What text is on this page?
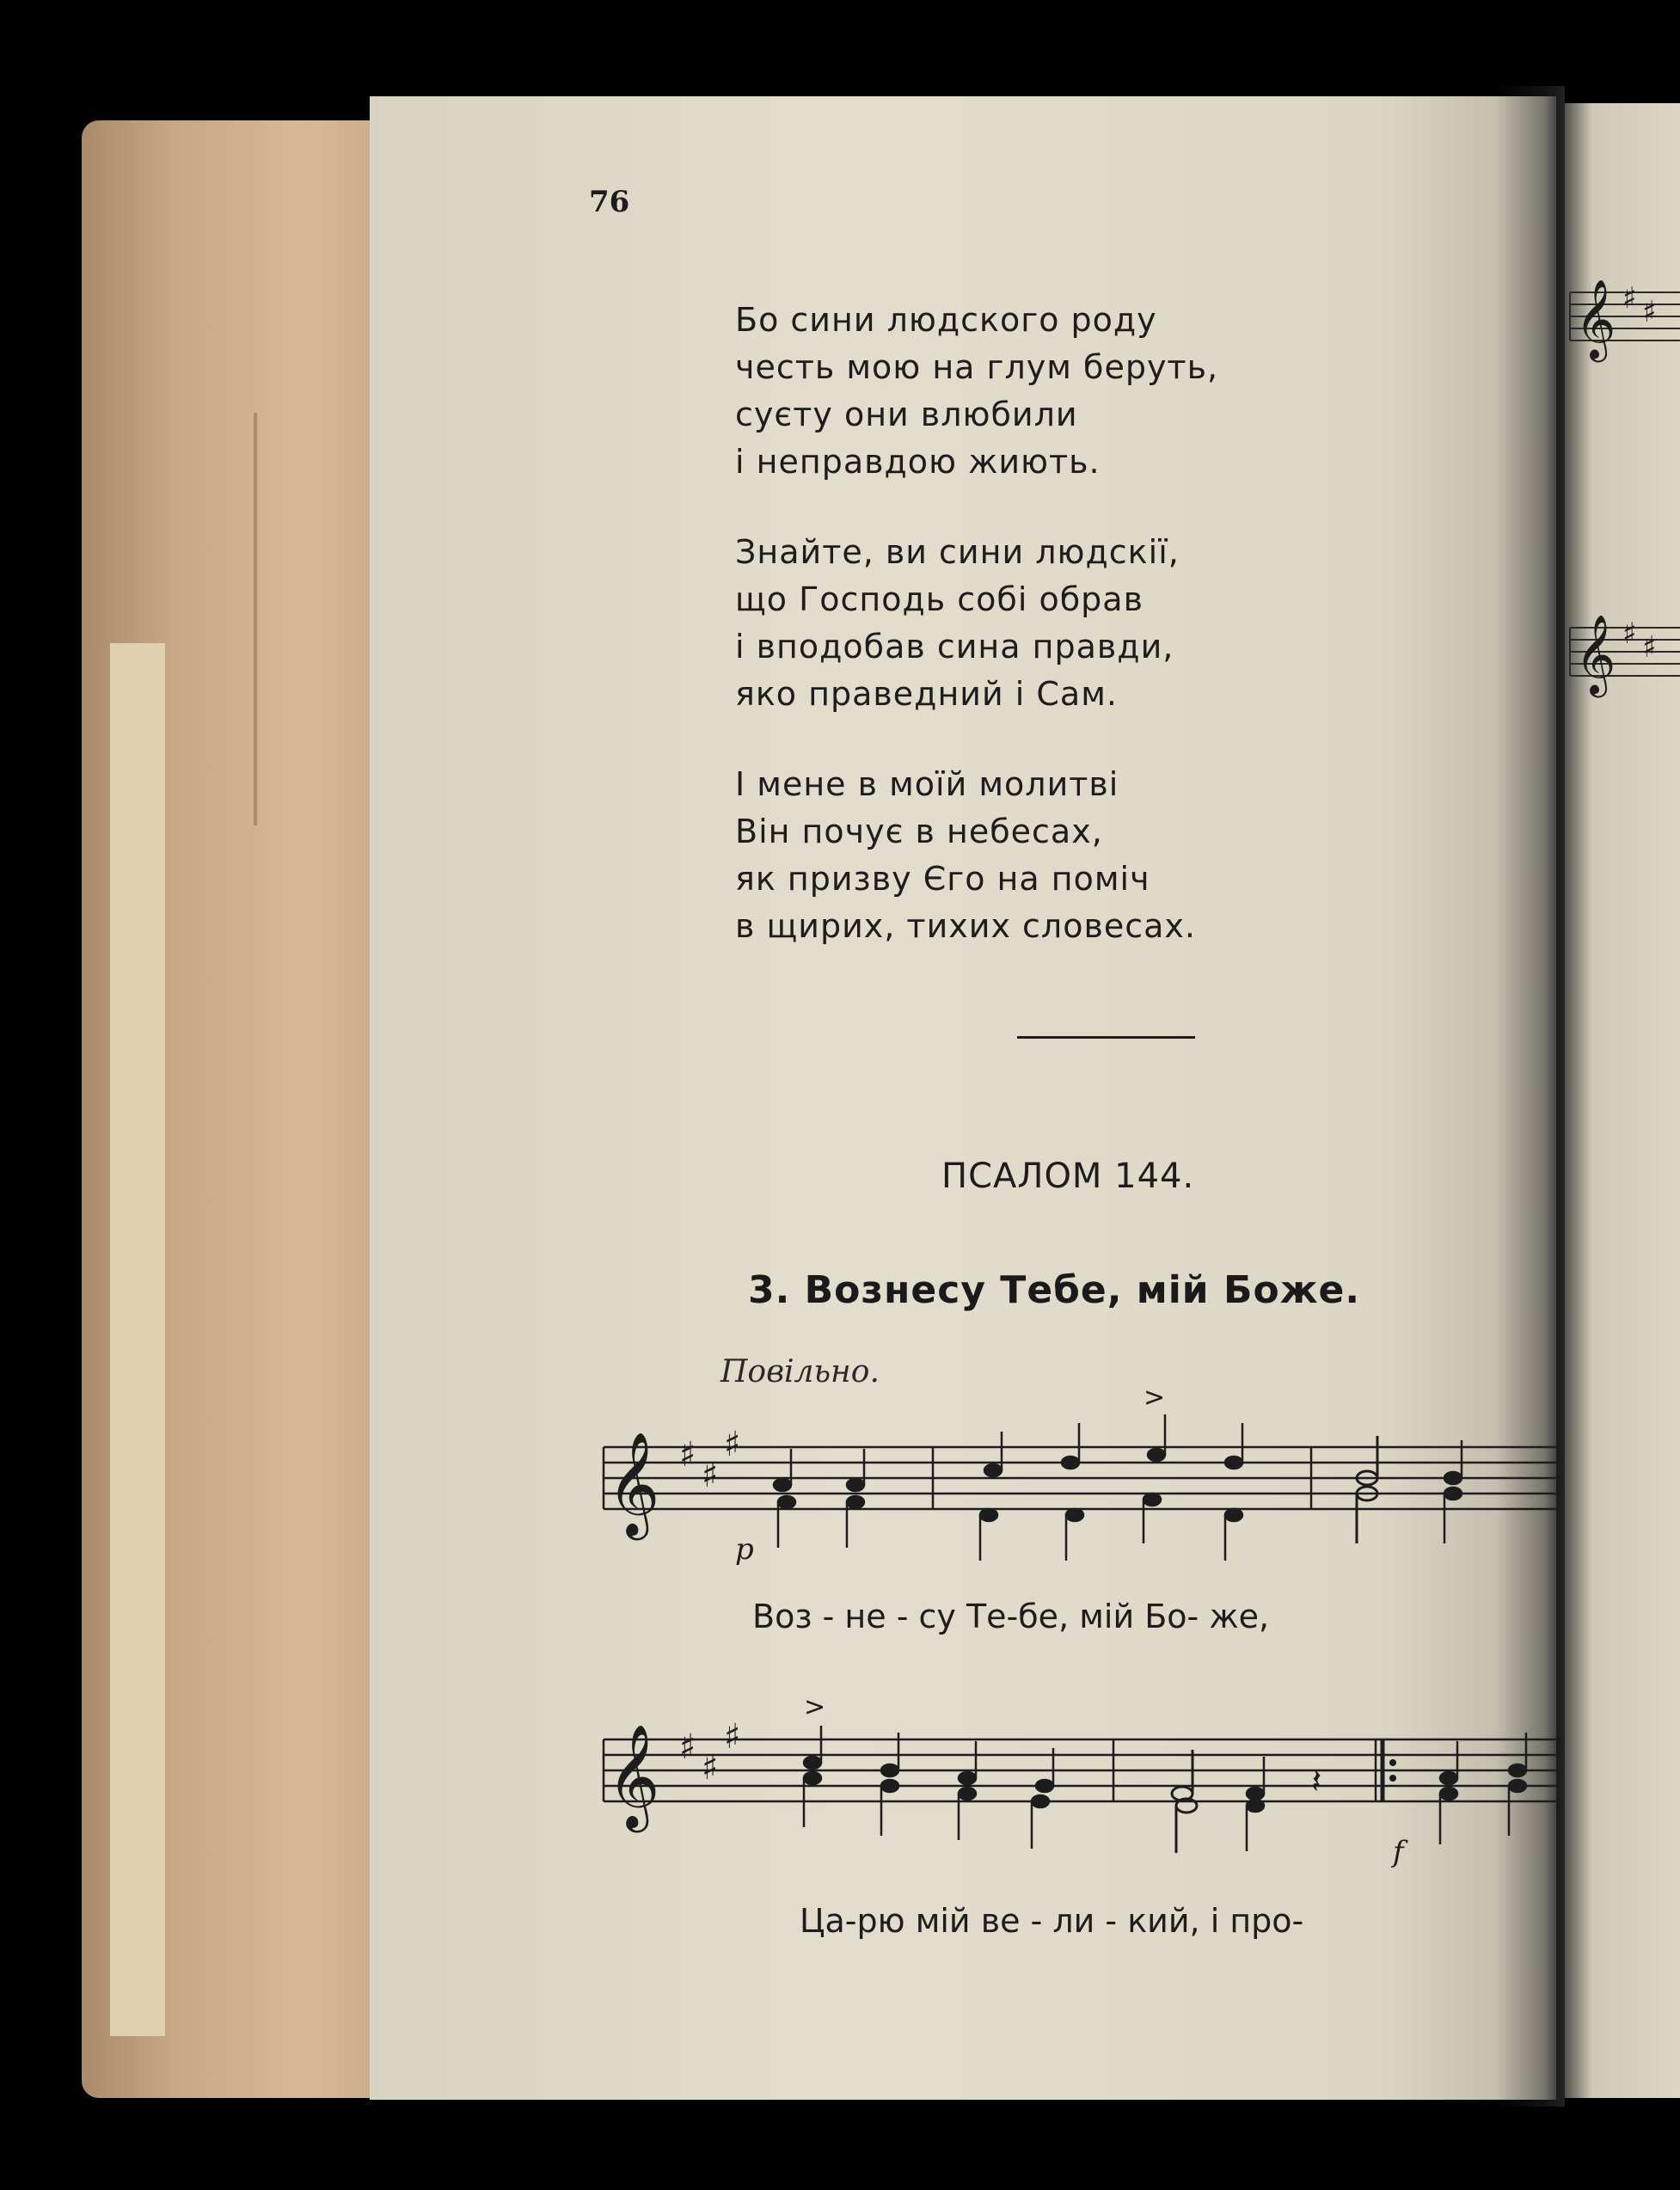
𝄞 ♯ ♯
𝄞 ♯ ♯
76
Бо сини людского роду
честь мою на глум беруть,
суєту они влюбили
і неправдою жиють.
Знайте, ви сини людскії,
що Господь собі обрав
і вподобав сина правди,
яко праведний і Сам.
І мене в моїй молитві
Він почує в небесах,
як призву Єго на поміч
в щирих, тихих словесах.
ПСАЛОМ 144.
3. Вознесу Тебе, мій Боже.
Повільно.
𝄞 ♯
♯
♯
p
>
Воз - не - су Те-бе, мій Бо- же,
𝄞 ♯
♯
♯
>
𝄽
f
Ца-рю мій ве - ли - кий, і про-
